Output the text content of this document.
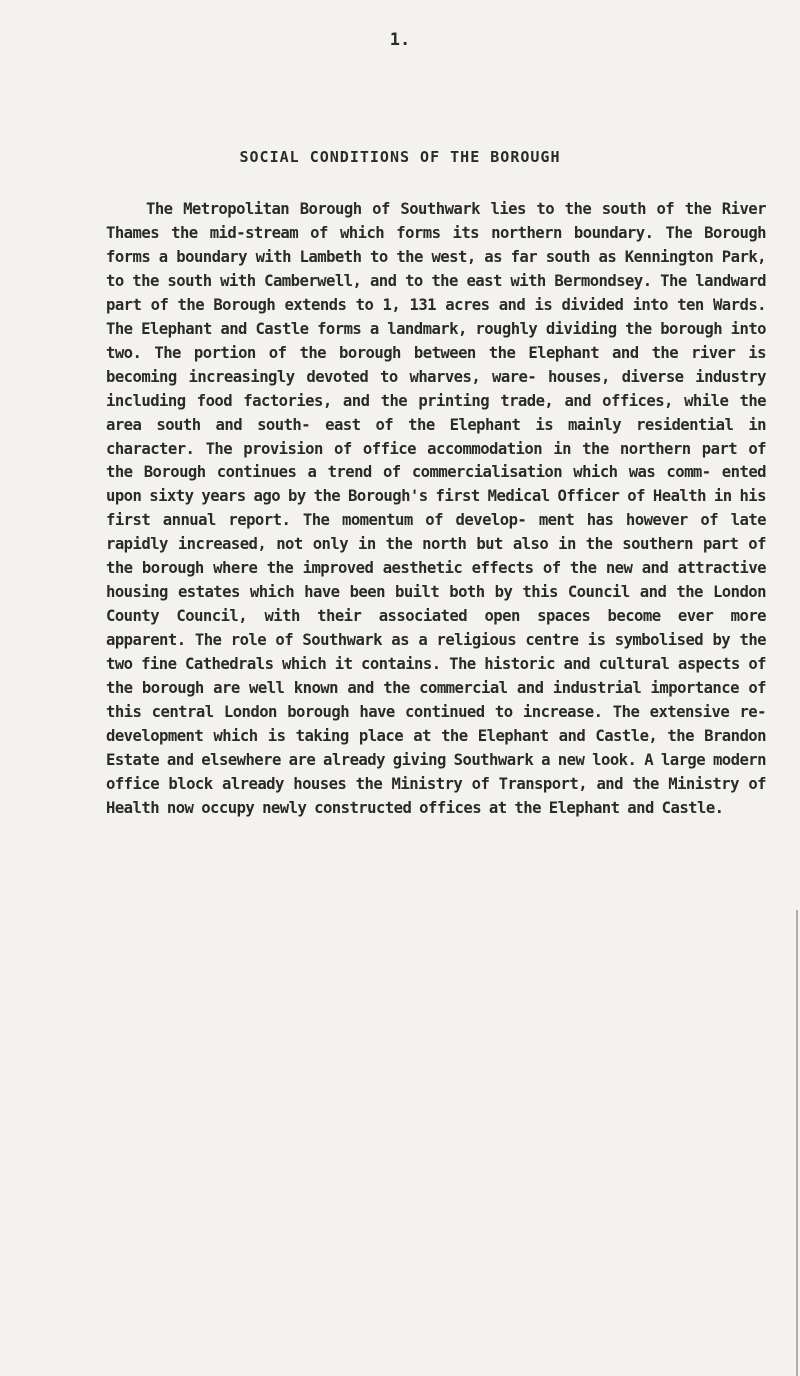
1.
SOCIAL CONDITIONS OF THE BOROUGH

The Metropolitan Borough of Southwark lies to the south of the River Thames the mid-stream of which forms its northern boundary. The Borough forms a boundary with Lambeth to the west, as far south as Kennington Park, to the south with Camberwell, and to the east with Bermondsey. The landward part of the Borough extends to 1, 131 acres and is divided into ten Wards. The Elephant and Castle forms a landmark, roughly dividing the borough into two. The portion of the borough between the Elephant and the river is becoming increasingly devoted to wharves, ware- houses, diverse industry including food factories, and the printing trade, and offices, while the area south and south- east of the Elephant is mainly residential in character. The provision of office accommodation in the northern part of the Borough continues a trend of commercialisation which was comm- ented upon sixty years ago by the Borough's first Medical Officer of Health in his first annual report. The momentum of develop- ment has however of late rapidly increased, not only in the north but also in the southern part of the borough where the improved aesthetic effects of the new and attractive housing estates which have been built both by this Council and the London County Council, with their associated open spaces become ever more apparent. The role of Southwark as a religious centre is symbolised by the two fine Cathedrals which it contains. The historic and cultural aspects of the borough are well known and the commercial and industrial importance of this central London borough have continued to increase. The extensive re- development which is taking place at the Elephant and Castle, the Brandon Estate and elsewhere are already giving Southwark a new look. A large modern office block already houses the Ministry of Transport, and the Ministry of Health now occupy newly constructed offices at the Elephant and Castle.
